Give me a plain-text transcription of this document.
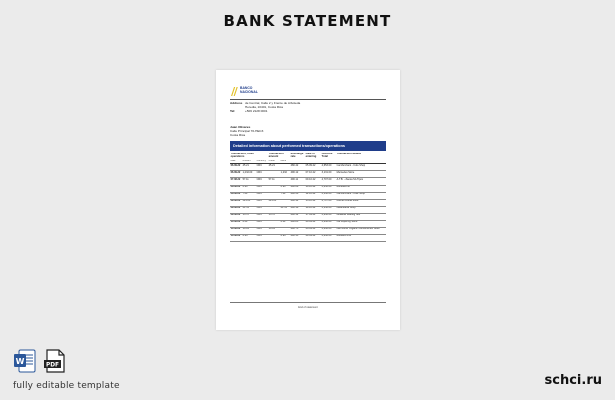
BANK STATEMENT
BANCO
NACIONAL
Address de Central, Calle 2 y Frente de Arboleda
Heredia, 10401, Costa Rica
Tel:	+506 2128 0001
Juan Olivares
Calle Principal 70-HEC3
Costa Rica
Detailed information about performed transactions/operations
Transaction, other operations			Transaction amount		Exchange rate	Date of entering	Account Total	Transaction details
Date	Amount	Currency	Credit	Debit				
06.09.22	45.21	CRC	45.21		480.42	05.09.22	4,653.00	Iva Merchant - Cofe Shop
06.09.22	1,232.00	CRC		1,232	490.12	07.10.22	3,131.00	Mercedes Store
07.08.22	57.11	CRC	57.11		490.11	09.10.22	4,707.00	A.T.B. - Zaosa SA Tipos
08.08.22	6.90	CRC		6.90	490.28	10.10.22	3,652.00	Moneda Lut
08.08.22	7.32	CRC		7.32	490.36	12.10.22	3,130.00	Iva Merchant - Cole Shop
09.08.22	321.21	CRC	321.21		490.14	13.10.22	4,707.00	Andres Dubia Store
09.08.22	21.51	CRC		21.51	490.18	14.10.22	3,152.00	Lavanderia Shop
09.08.22	13.78	CRC	13.78		490.12	17.09.22	3,232.00	Detailfull Waiting Stor
10.08.22	6.32	CRC		6.32	490.83	20.09.22	3,232.00	Iva Supering Store
10.08.22	16.91	CRC	16.91		490.73	26.09.22	3,232.00	Las Griner Organic Convenience Store
10.08.22	6.96	CRC		6.96	490.13	29.09.22	3,232.00	Mobiltex eTel
End of statement
W	PDF
fully editable template	schci.ru
